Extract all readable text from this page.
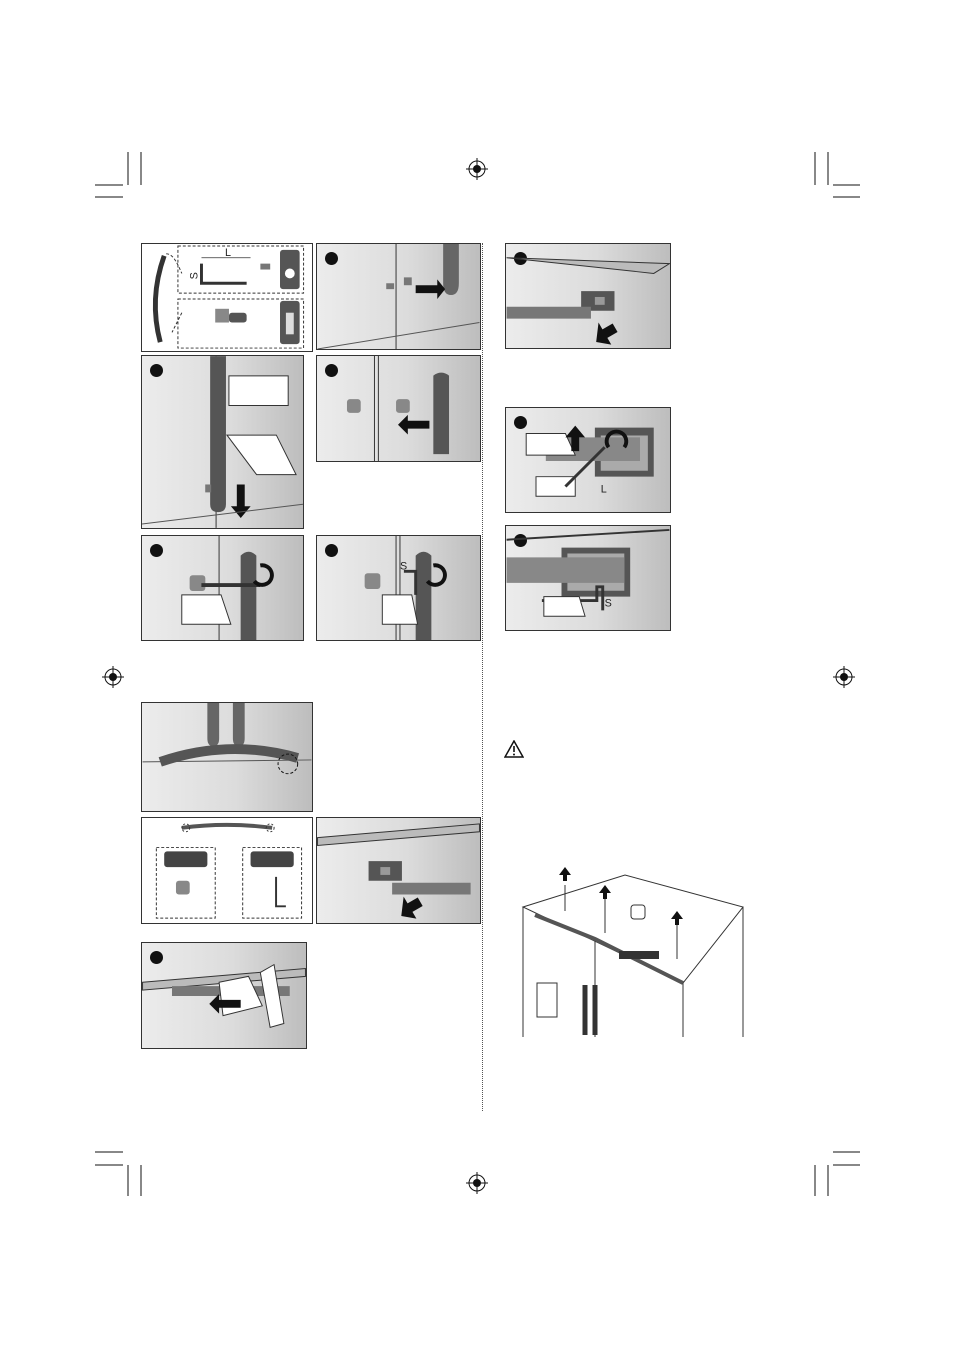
L
S
S
L
S
